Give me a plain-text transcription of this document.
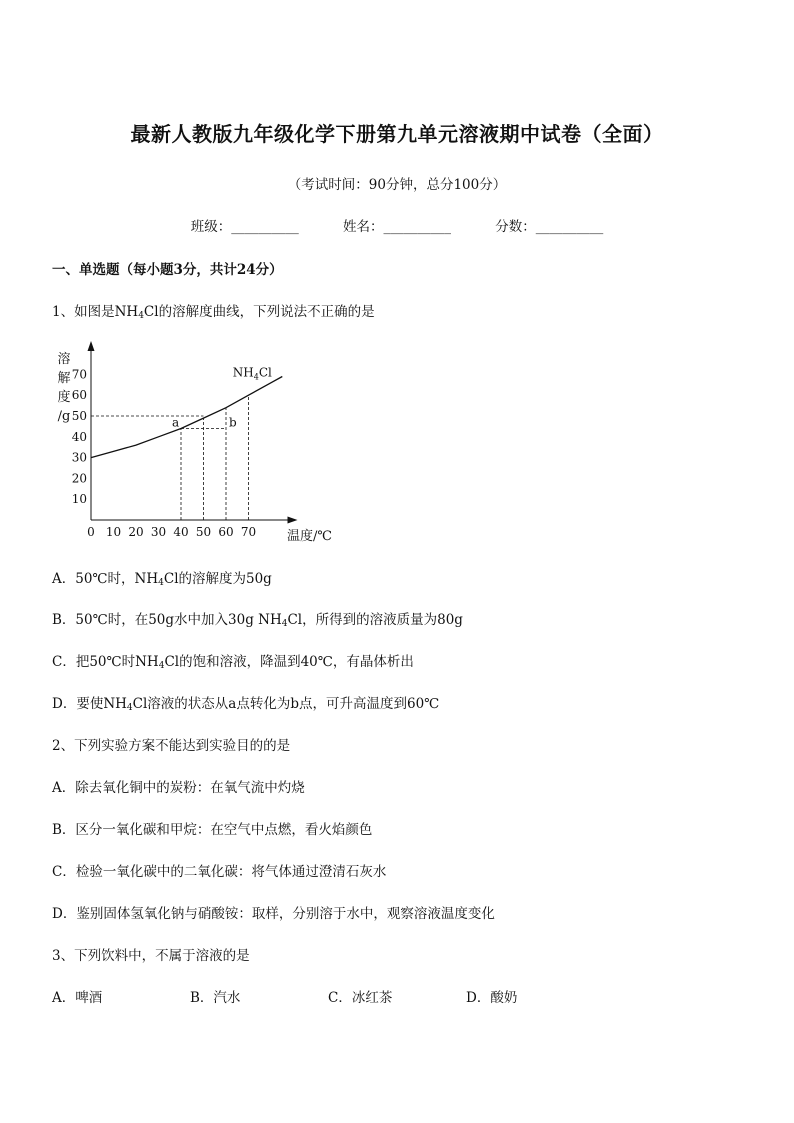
最新人教版九年级化学下册第九单元溶液期中试卷（全面）
（考试时间：90分钟，总分100分）
班级：__________	姓名：__________	分数：__________
一、单选题（每小题3分，共计24分）
1、如图是$NH_4Cl$的溶解度曲线，下列说法不正确的是
10
20
30
40
50
60
70
0 10 20 30 40 50 60 70
溶
解
度
/g
温度/℃
$NH_4Cl$
a	b
A．50℃时，$NH_4Cl$的溶解度为50g
B．50℃时，在50g水中加入30g $NH_4Cl$，所得到的溶液质量为80g
C．把50℃时$NH_4Cl$的饱和溶液，降温到40℃，有晶体析出
D．要使$NH_4Cl$溶液的状态从a点转化为b点，可升高温度到60℃
2、下列实验方案不能达到实验目的的是
A．除去氧化铜中的炭粉：在氧气流中灼烧
B．区分一氧化碳和甲烷：在空气中点燃，看火焰颜色
C．检验一氧化碳中的二氧化碳：将气体通过澄清石灰水
D．鉴别固体氢氧化钠与硝酸铵：取样，分别溶于水中，观察溶液温度变化
3、下列饮料中，不属于溶液的是
A．啤酒	B．汽水	C．冰红茶	D．酸奶
